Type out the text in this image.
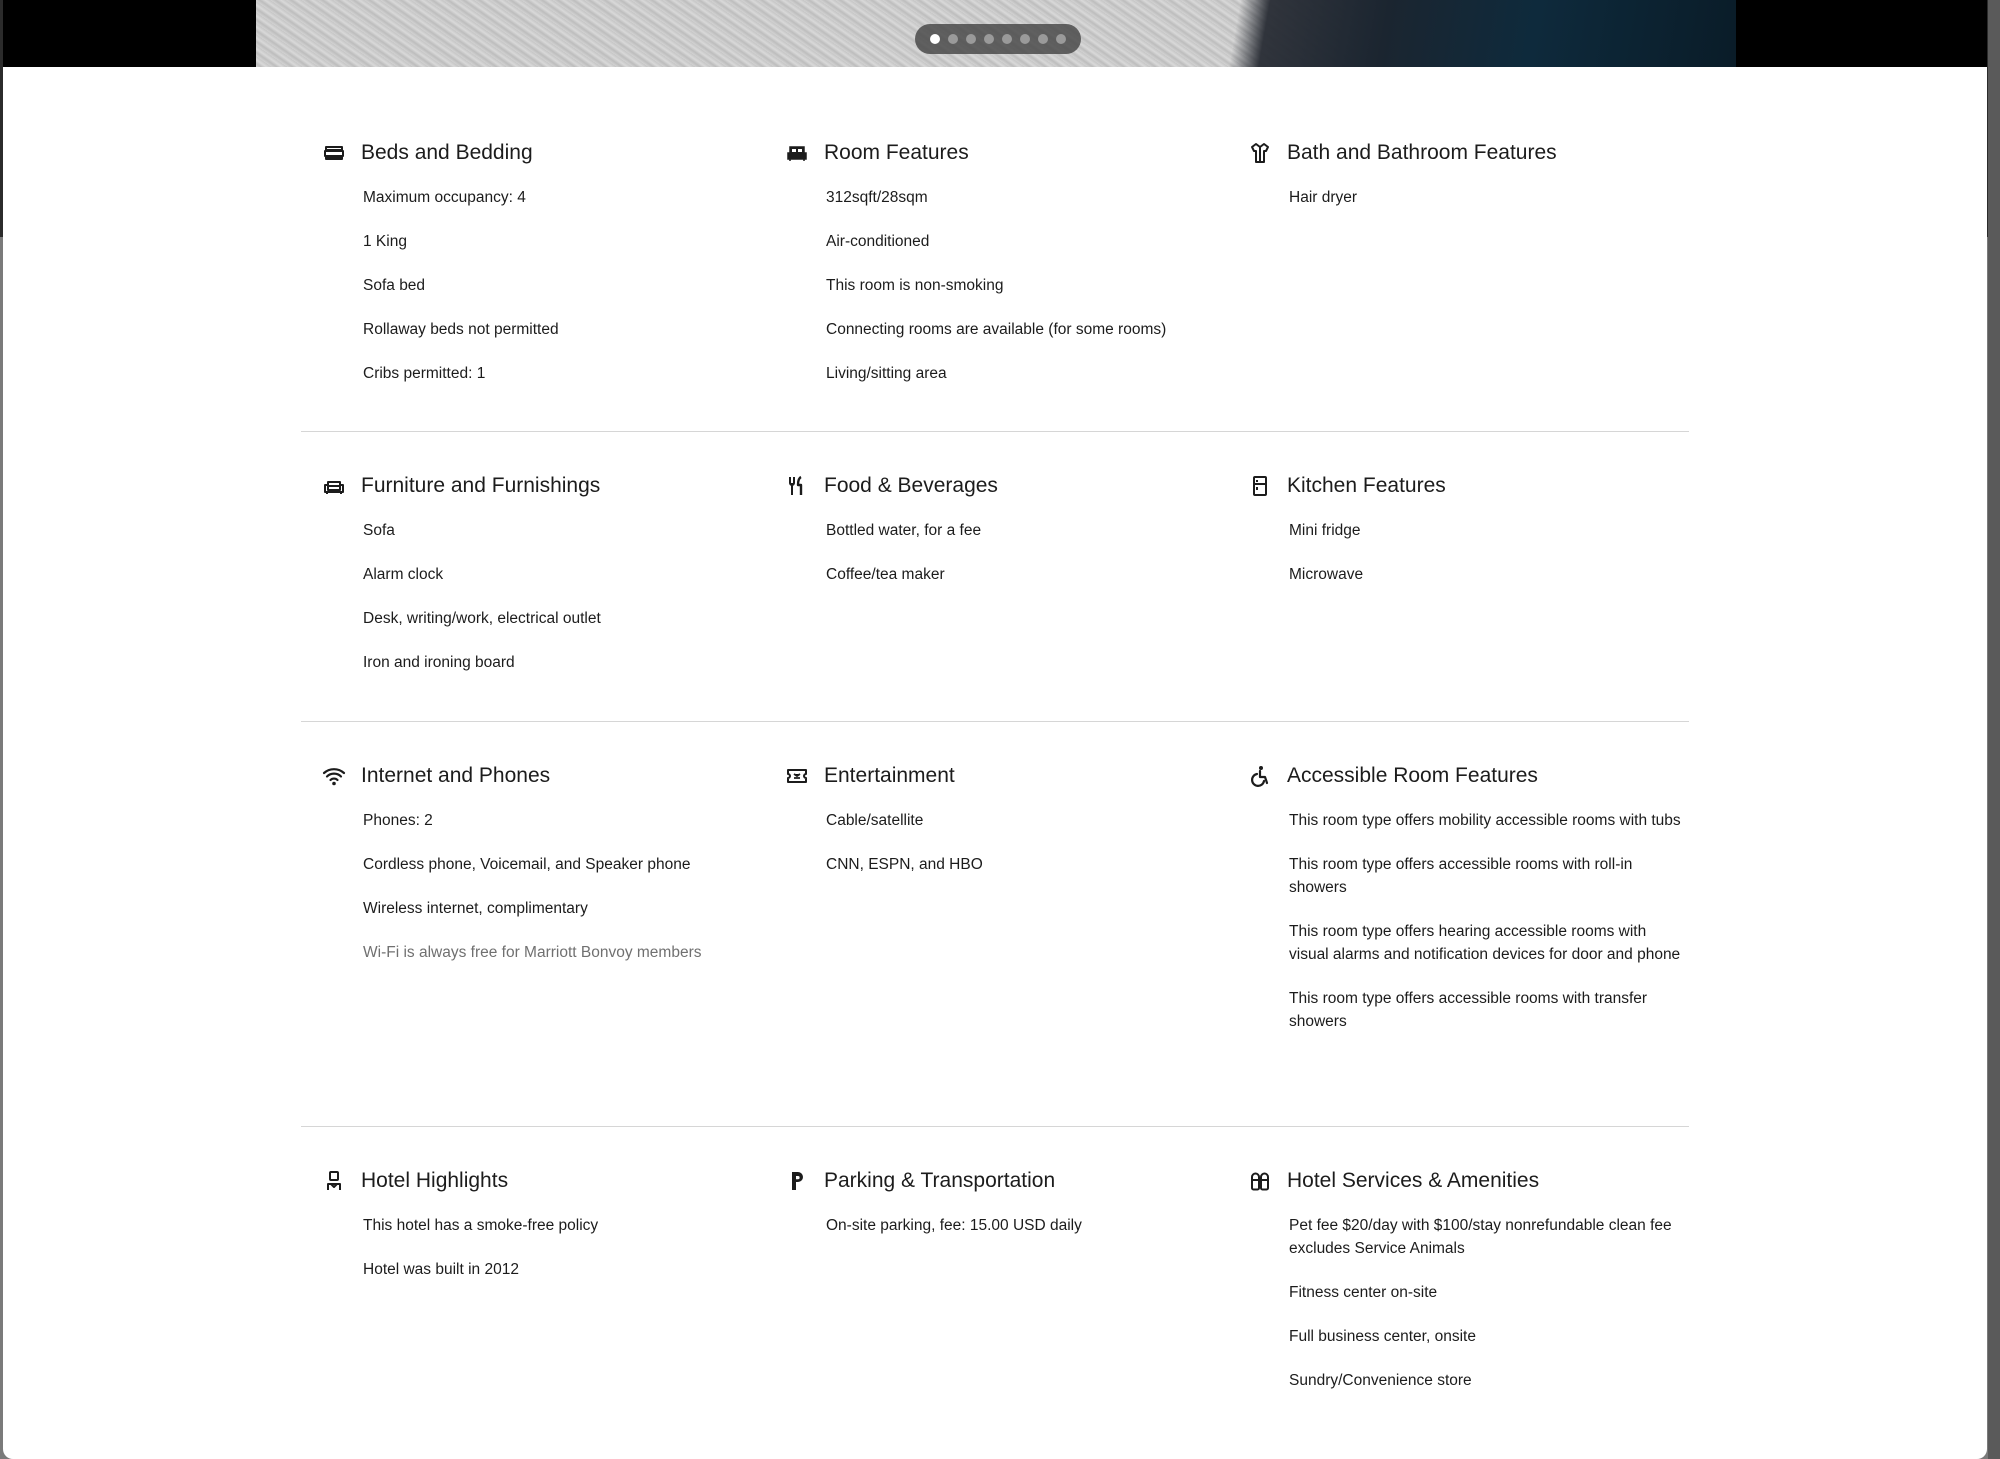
Beds and Bedding
Maximum occupancy: 4
1 King
Sofa bed
Rollaway beds not permitted
Cribs permitted: 1
Room Features
312sqft/28sqm
Air-conditioned
This room is non-smoking
Connecting rooms are available (for some rooms)
Living/sitting area
Bath and Bathroom Features
Hair dryer
Furniture and Furnishings
Sofa
Alarm clock
Desk, writing/work, electrical outlet
Iron and ironing board
Food & Beverages
Bottled water, for a fee
Coffee/tea maker
Kitchen Features
Mini fridge
Microwave
Internet and Phones
Phones: 2
Cordless phone, Voicemail, and Speaker phone
Wireless internet, complimentary
Wi-Fi is always free for Marriott Bonvoy members
Entertainment
Cable/satellite
CNN, ESPN, and HBO
Accessible Room Features
This room type offers mobility accessible rooms with tubs
This room type offers accessible rooms with roll-in showers
This room type offers hearing accessible rooms with visual alarms and notification devices for door and phone
This room type offers accessible rooms with transfer showers
Hotel Highlights
This hotel has a smoke-free policy
Hotel was built in 2012
Parking & Transportation
On-site parking, fee: 15.00 USD daily
Hotel Services & Amenities
Pet fee $20/day with $100/stay nonrefundable clean fee excludes Service Animals
Fitness center on-site
Full business center, onsite
Sundry/Convenience store
